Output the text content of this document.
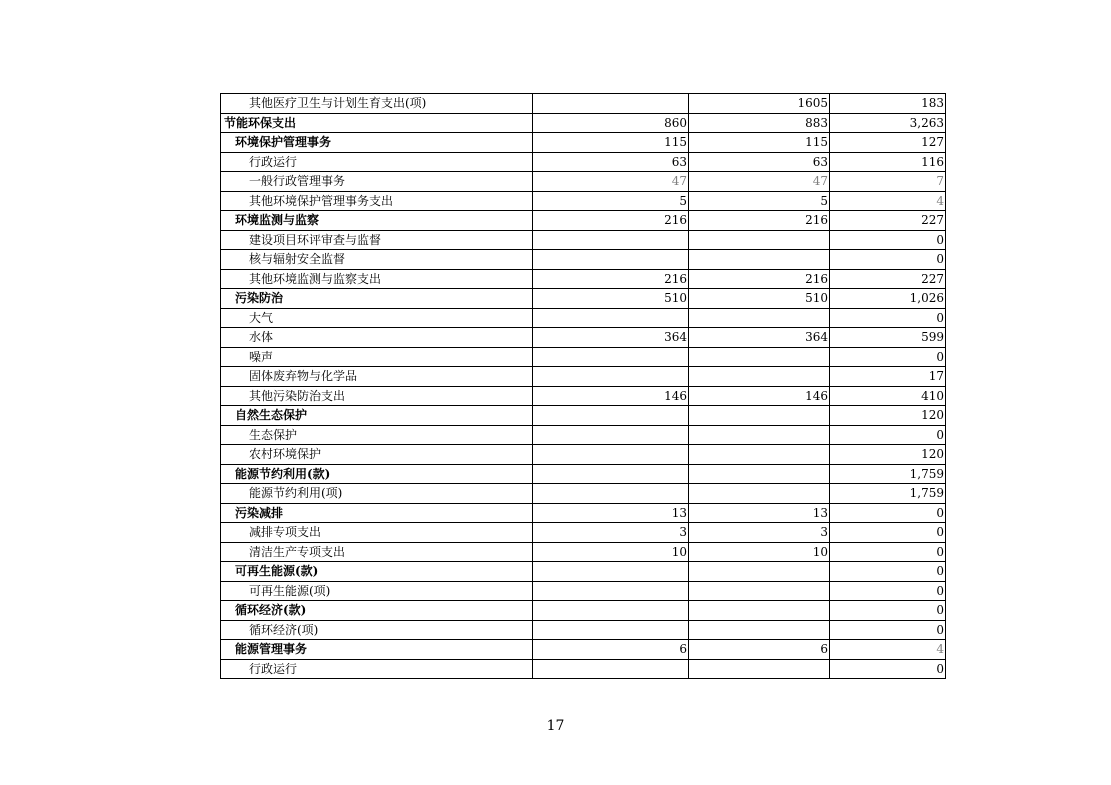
其他医疗卫生与计划生育支出(项)		1605	183
节能环保支出	860	883	3,263
环境保护管理事务	115	115	127
行政运行	63	63	116
一般行政管理事务	47	47	7
其他环境保护管理事务支出	5	5	4
环境监测与监察	216	216	227
建设项目环评审查与监督			0
核与辐射安全监督			0
其他环境监测与监察支出	216	216	227
污染防治	510	510	1,026
大气			0
水体	364	364	599
噪声			0
固体废弃物与化学品			17
其他污染防治支出	146	146	410
自然生态保护			120
生态保护			0
农村环境保护			120
能源节约利用(款)			1,759
能源节约利用(项)			1,759
污染减排	13	13	0
减排专项支出	3	3	0
清洁生产专项支出	10	10	0
可再生能源(款)			0
可再生能源(项)			0
循环经济(款)			0
循环经济(项)			0
能源管理事务	6	6	4
行政运行			0
17
